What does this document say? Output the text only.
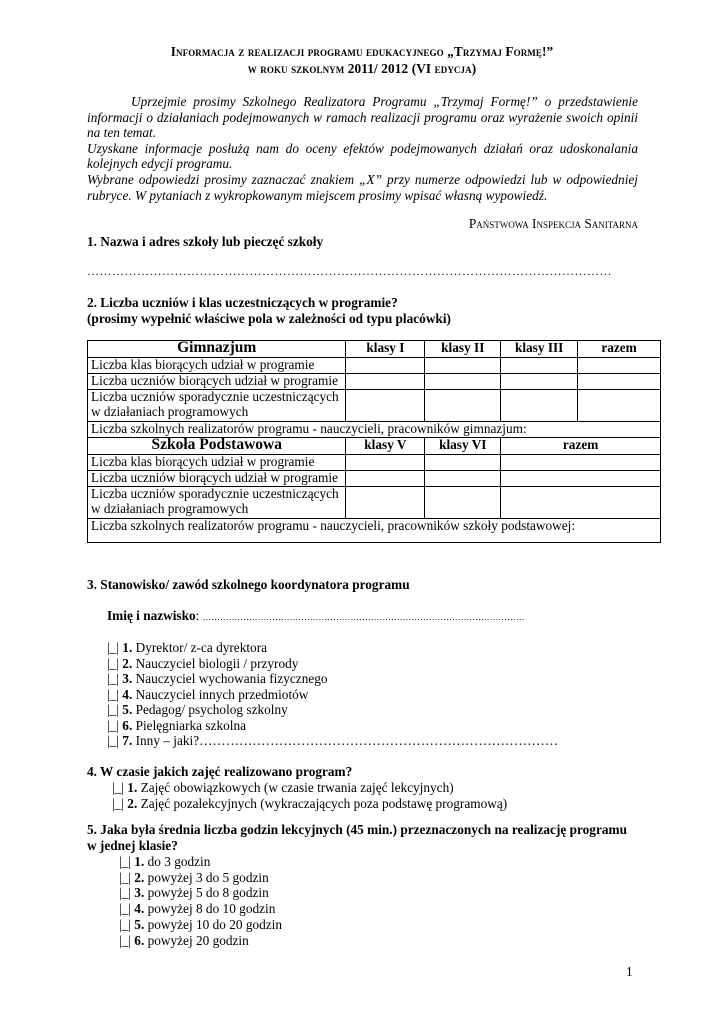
Informacja z realizacji programu edukacyjnego „Trzymaj Formę!”
w roku szkolnym 2011/ 2012 (VI edycja)

Uprzejmie prosimy Szkolnego Realizatora Programu „Trzymaj Formę!” o przedstawienie informacji o działaniach podejmowanych w ramach realizacji programu oraz wyrażenie swoich opinii na ten temat.

Uzyskane informacje posłużą nam do oceny efektów podejmowanych działań oraz udoskonalania kolejnych edycji programu.

Wybrane odpowiedzi prosimy zaznaczać znakiem „X” przy numerze odpowiedzi lub w odpowiedniej rubryce. W pytaniach z wykropkowanym miejscem prosimy wpisać własną wypowiedź.

Państwowa Inspekcja Sanitarna
1. Nazwa i adres szkoły lub pieczęć szkoły
………………………………………………………………………………………………………………
2. Liczba uczniów i klas uczestniczących w programie?
(prosimy wypełnić właściwe pola w zależności od typu placówki)
Gimnazjum	klasy I	klasy II	klasy III	razem
Liczba klas biorących udział w programie				
Liczba uczniów biorących udział w programie				
Liczba uczniów sporadycznie uczestniczących w działaniach programowych				
Liczba szkolnych realizatorów programu - nauczycieli, pracowników gimnazjum:				
Szkoła Podstawowa	klasy V	klasy VI	razem	
Liczba klas biorących udział w programie				
Liczba uczniów biorących udział w programie				
Liczba uczniów sporadycznie uczestniczących w działaniach programowych				
Liczba szkolnych realizatorów programu - nauczycieli, pracowników szkoły podstawowej:				
3. Stanowisko/ zawód szkolnego koordynatora programu
Imię i nazwisko: ...............................................................................................................
|_| 1. Dyrektor/ z-ca dyrektora
|_| 2. Nauczyciel biologii / przyrody
|_| 3. Nauczyciel wychowania fizycznego
|_| 4. Nauczyciel innych przedmiotów
|_| 5. Pedagog/ psycholog szkolny
|_| 6. Pielęgniarka szkolna
|_| 7. Inny – jaki?………………………………………………………………………
4. W czasie jakich zajęć realizowano program?
|_| 1. Zajęć obowiązkowych (w czasie trwania zajęć lekcyjnych)
|_| 2. Zajęć pozalekcyjnych (wykraczających poza podstawę programową)
5. Jaka była średnia liczba godzin lekcyjnych (45 min.) przeznaczonych na realizację programu
w jednej klasie?
|_| 1. do 3 godzin
|_| 2. powyżej 3 do 5 godzin
|_| 3. powyżej 5 do 8 godzin
|_| 4. powyżej 8 do 10 godzin
|_| 5. powyżej 10 do 20 godzin
|_| 6. powyżej 20 godzin
1
